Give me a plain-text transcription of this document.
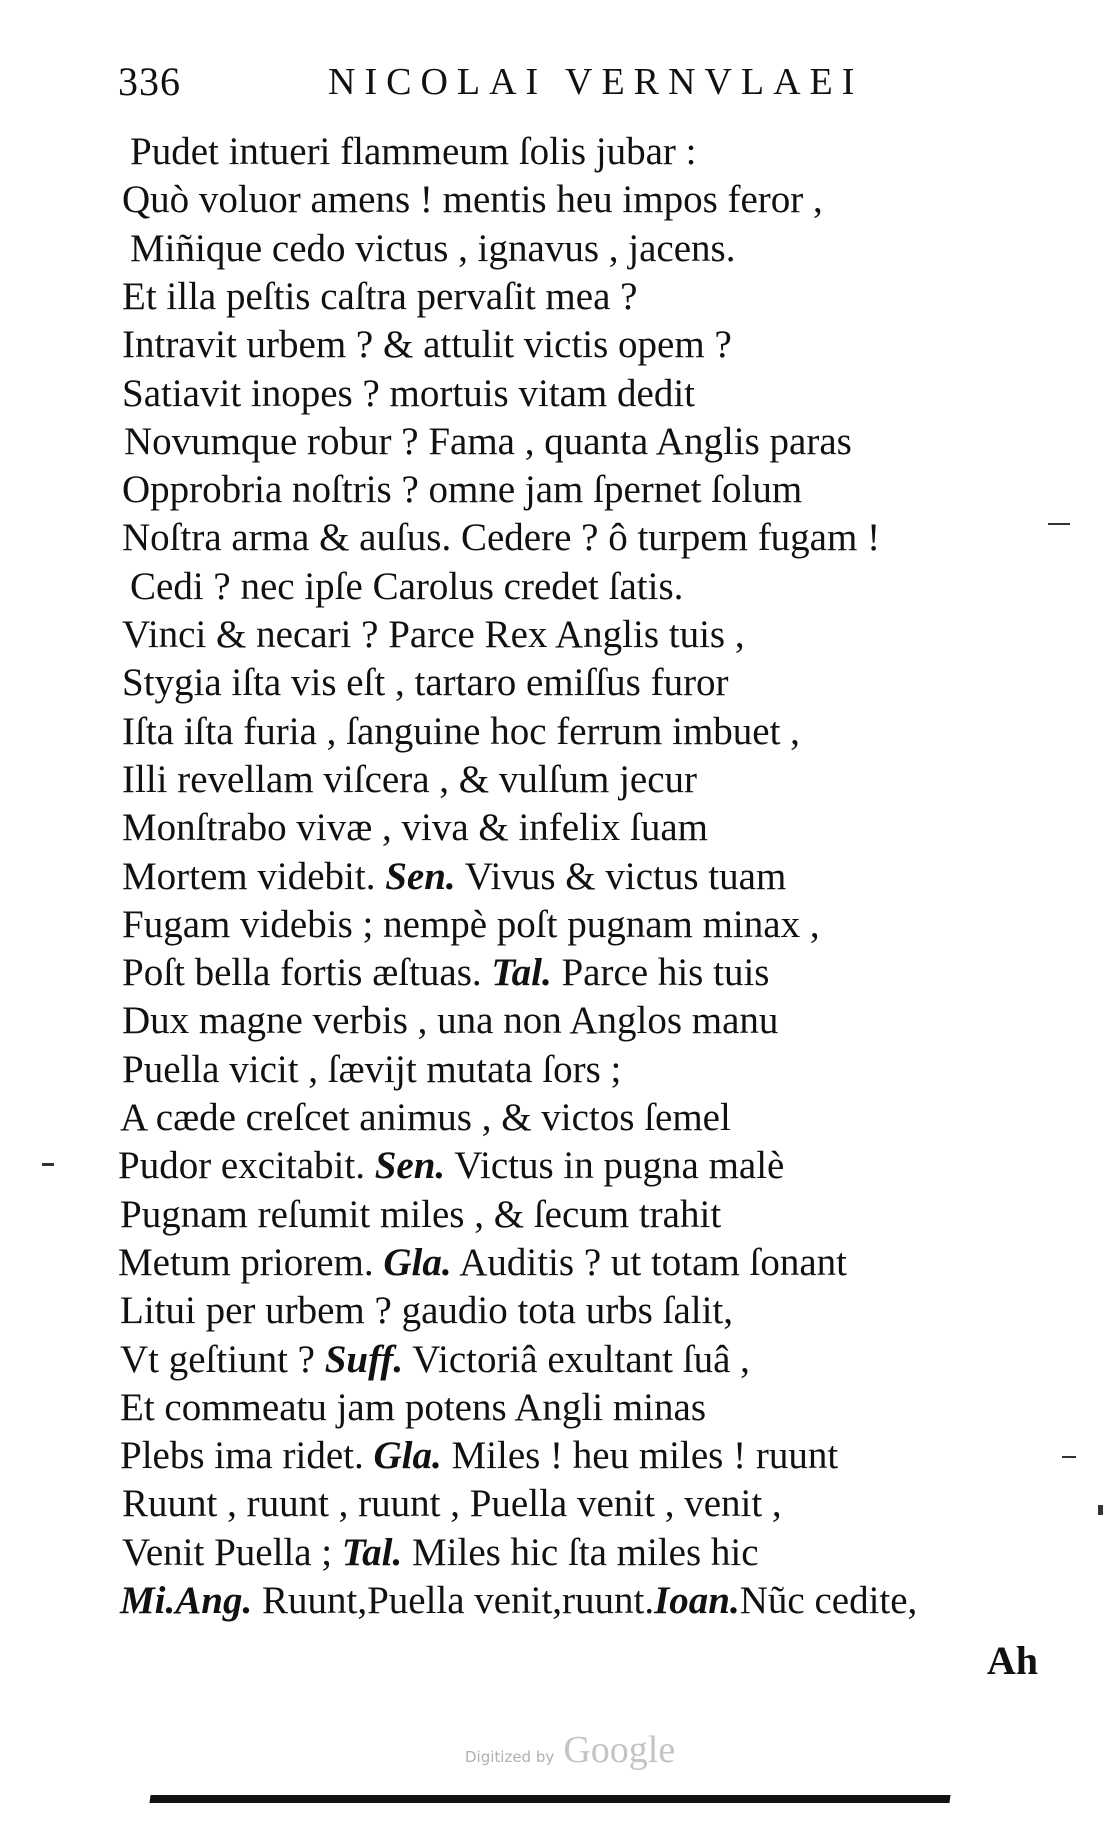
336	NICOLAI VERNVLAEI
Pudet intueri flammeum ſolis jubar :
Quò voluor amens ! mentis heu impos feror ,
Miñique cedo victus , ignavus , jacens.
Et illa peſtis caſtra pervaſit mea ?
Intravit urbem ? & attulit victis opem ?
Satiavit inopes ? mortuis vitam dedit
Novumque robur ? Fama , quanta Anglis paras
Opprobria noſtris ? omne jam ſpernet ſolum
Noſtra arma & auſus. Cedere ? ô turpem fugam !
Cedi ? nec ipſe Carolus credet ſatis.
Vinci & necari ? Parce Rex Anglis tuis ,
Stygia iſta vis eſt , tartaro emiſſus furor
Iſta iſta furia , ſanguine hoc ferrum imbuet ,
Illi revellam viſcera , & vulſum jecur
Monſtrabo vivæ , viva & infelix ſuam
Mortem videbit. Sen. Vivus & victus tuam
Fugam videbis ; nempè poſt pugnam minax ,
Poſt bella fortis æſtuas. Tal. Parce his tuis
Dux magne verbis , una non Anglos manu
Puella vicit , ſævijt mutata ſors ;
A cæde creſcet animus , & victos ſemel
Pudor excitabit. Sen. Victus in pugna malè
Pugnam reſumit miles , & ſecum trahit
Metum priorem. Gla. Auditis ? ut totam ſonant
Litui per urbem ? gaudio tota urbs ſalit,
Vt geſtiunt ? Suff. Victoriâ exultant ſuâ ,
Et commeatu jam potens Angli minas
Plebs ima ridet. Gla. Miles ! heu miles ! ruunt
Ruunt , ruunt , ruunt , Puella venit , venit ,
Venit Puella ; Tal. Miles hic ſta miles hic
Mi.Ang. Ruunt,Puella venit,ruunt.Ioan.Nũc cedite,
Ah
Digitized by Google
